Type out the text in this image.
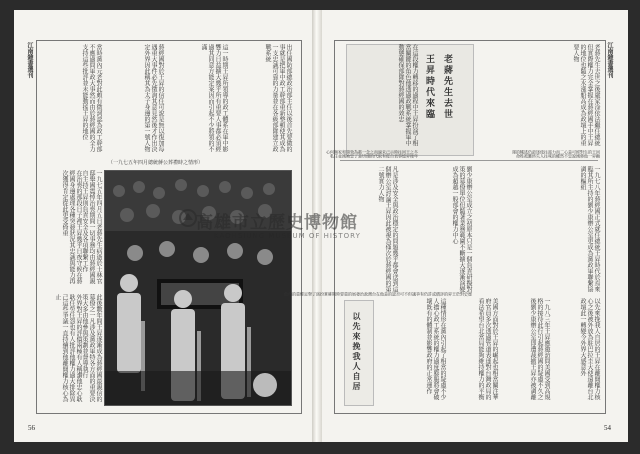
江南雜書選刊	江南雜書選刊
56	54
出任國防部總政治部主任以後首先要做的事就是把軍中政工幹部重新整頓使其成為一支忠誠可靠的力量並在各級部隊建立政戰系統
這一時期王昇所領導的政工體系在軍中影響力日益擴大幾乎所有重要人事都必須經過其同意方能定案因而引起不少將領的不滿
蔣經國對於王昇的信任可說是無以復加每遇重大事件必先徵詢其意見然後才作出決定外界因此稱其為太子身邊的第一號人物
當時黨內元老對此頗有微詞認為政工幹部不應過問軍政大事然而由於蔣經國的全力支持這些批評並未能動搖王昇的地位
（一九七五年四月總統蔣公葬禮時之情形）
一九七五年四月五日老蔣先生病逝於士林官邸舉國震悼治喪期間一切事務均由蔣經國親自主持王昇則負責安全及各項聯繫工作
在治喪的那段日子裡王昇幾乎日夜守候在蔣經國身邊處理各種突發狀況其忠誠與能力再次獲得肯定從此更受倚重
此後數年間王昇逐漸成為蔣經國最親信的幕僚之一凡涉及黨政軍特各方面的重要決策大多由他參與策劃並督導執行
外界對王昇的評價兩極有人稱讚他忠心耿耿任勞任怨也有人批評他權力過大排除異己這些爭議一直持續到他離開權力核心為止
老蔣先生去世
王昇時代來臨	老蔣先生去世之後嚴家淦依法繼任總統但實際權力完全掌握在蔣經國手中王昇的地位也隨之水漲船高成為政壇上的重要人物
在這段權力轉移的過程中王昇扮演了相當關鍵的角色他透過政戰系統掌握軍中動態確保部隊對蔣經國的效忠
一九七八年蔣經國正式就任總統王昇時代於焉來臨其所主持的劉少康辦公室更成為黨政軍聯繫協調的樞紐
劉少康辦公室成立之初原本只是一個負責研擬對策的幕僚單位但隨著業務範圍不斷擴大逐漸演變成為超越一般部會的權力中心
凡是涉及安全與政治穩定的問題幾乎都會送到這個辦公室討論王昇因此被視為僅次於蔣經國的第二號實力人物
以先來挽我人自居	這種情形在黨內引起了相當的疑慮不少人擔心政工系統的權力過度膨脹將會破壞既有的體制並影響政府的正常運作	美國方面對於王昇的崛起也相當關注華府官員多次透過管道表達對台灣政局的看法希望台北當局能夠維持權力的平衡	一九八三年王昇應邀訪問美國受到高規格的接待此行引起蔣經國的疑慮不久之後劉少康辦公室即遭裁撤王昇亦被調離	以先來挽我人自居的王昇在離開權力核心之後被外放為駐巴拉圭大使遠離台北政壇此一轉變令外界大感意外
回顧王昇的一生他對蔣經國可說是忠心不二然而權力的滋味往往使人迷失最終仍難逃被犧牲的命運
多年之後王昇回憶往事時表示自己從未有過取而代之的念頭一切都是為了效忠領袖和國家並無任何私心
歷史對於王昇的評價或許仍有爭議但不可否認的是他在台灣政治發展的重要時期確實扮演了舉足輕重的角色
高雄市立歷史博物館
KAOHSIUNG MUSEUM OF HISTORY
